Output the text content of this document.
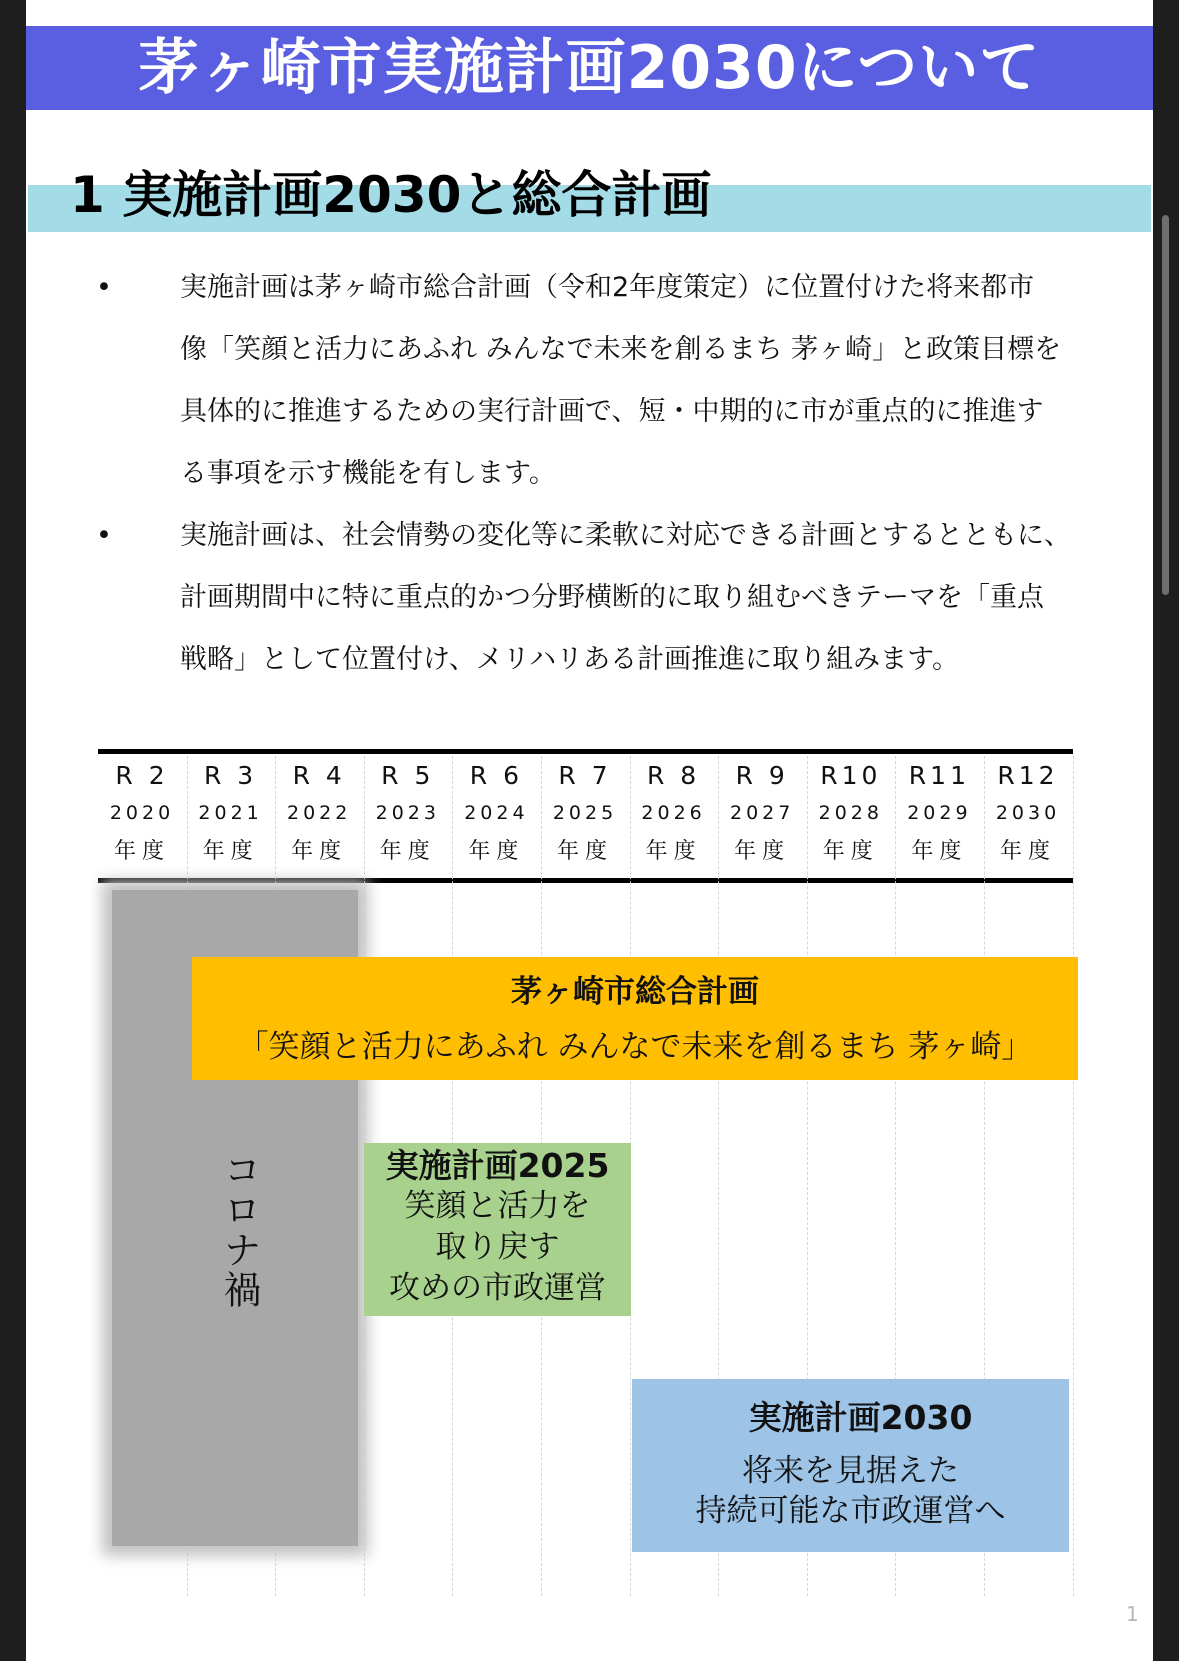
茅ヶ崎市実施計画2030について
1 実施計画2030と総合計画
•	実施計画は茅ヶ崎市総合計画（令和2年度策定）に位置付けた将来都市
像「笑顔と活力にあふれ みんなで未来を創るまち 茅ヶ崎」と政策目標を
具体的に推進するための実行計画で、短・中期的に市が重点的に推進す
る事項を示す機能を有します。
•	実施計画は、社会情勢の変化等に柔軟に対応できる計画とするとともに、
計画期間中に特に重点的かつ分野横断的に取り組むべきテーマを「重点
戦略」として位置付け、メリハリある計画推進に取り組みます。
R 2
2020
年度
R 3
2021
年度
R 4
2022
年度
R 5
2023
年度
R 6
2024
年度
R 7
2025
年度
R 8
2026
年度
R 9
2027
年度
R10
2028
年度
R11
2029
年度
R12
2030
年度
コロナ禍
茅ヶ崎市総合計画
「笑顔と活力にあふれ みんなで未来を創るまち 茅ヶ崎」
実施計画2025
笑顔と活力を
取り戻す
攻めの市政運営
実施計画2030
将来を見据えた
持続可能な市政運営へ
1
